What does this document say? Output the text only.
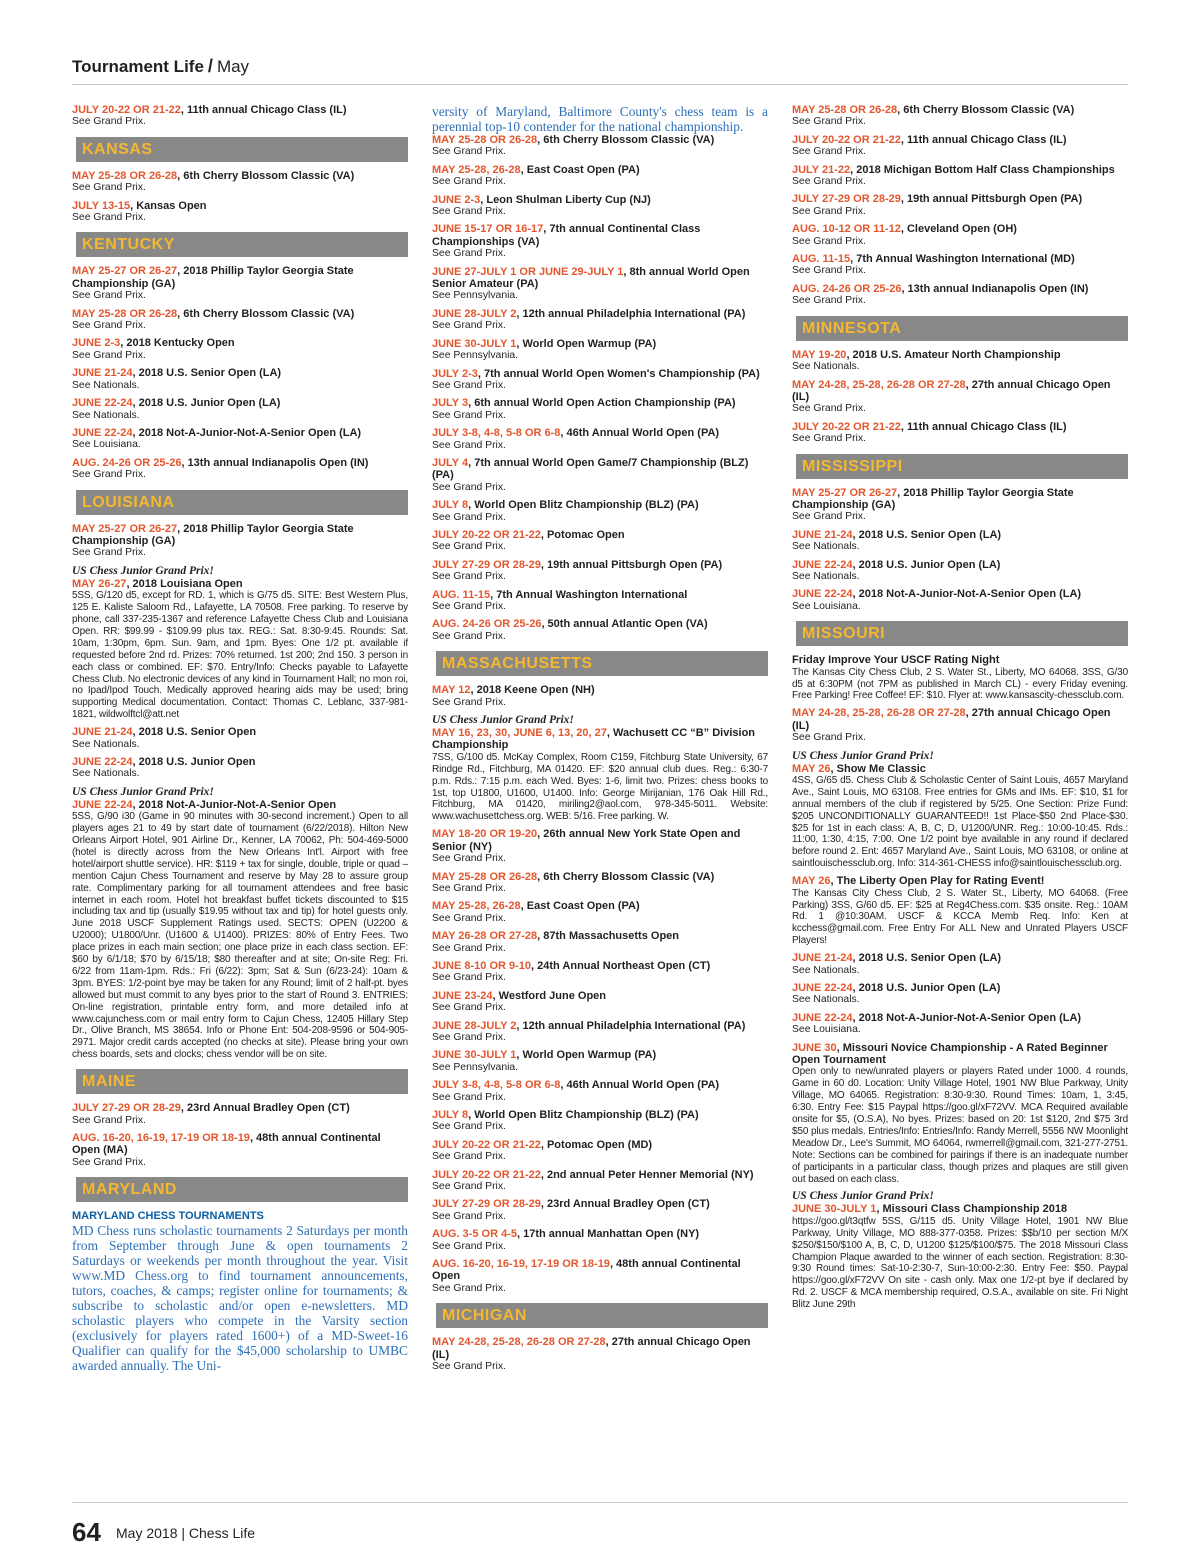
Tournament Life / May
JULY 20-22 OR 21-22, 11th annual Chicago Class (IL)
See Grand Prix.
KANSAS
MAY 25-28 OR 26-28, 6th Cherry Blossom Classic (VA)
See Grand Prix.
JULY 13-15, Kansas Open
See Grand Prix.
KENTUCKY
MAY 25-27 OR 26-27, 2018 Phillip Taylor Georgia State Championship (GA)
See Grand Prix.
MAY 25-28 OR 26-28, 6th Cherry Blossom Classic (VA)
See Grand Prix.
JUNE 2-3, 2018 Kentucky Open
See Grand Prix.
JUNE 21-24, 2018 U.S. Senior Open (LA)
See Nationals.
JUNE 22-24, 2018 U.S. Junior Open (LA)
See Nationals.
JUNE 22-24, 2018 Not-A-Junior-Not-A-Senior Open (LA)
See Louisiana.
AUG. 24-26 OR 25-26, 13th annual Indianapolis Open (IN)
See Grand Prix.
LOUISIANA
MAY 25-27 OR 26-27, 2018 Phillip Taylor Georgia State Championship (GA)
See Grand Prix.
US Chess Junior Grand Prix!
MAY 26-27, 2018 Louisiana Open
5SS, G/120 d5, except for RD. 1, which is G/75 d5. SITE: Best Western Plus, 125 E. Kaliste Saloom Rd., Lafayette, LA 70508. Free parking. To reserve by phone, call 337-235-1367 and reference Lafayette Chess Club and Louisiana Open. RR: $99.99 - $109.99 plus tax. REG.: Sat. 8:30-9:45. Rounds: Sat. 10am, 1:30pm, 6pm. Sun. 9am, and 1pm. Byes: One 1/2 pt. available if requested before 2nd rd. Prizes: 70% returned. 1st 200; 2nd 150. 3 person in each class or combined. EF: $70. Entry/Info: Checks payable to Lafayette Chess Club. No electronic devices of any kind in Tournament Hall; no mon roi, no Ipad/Ipod Touch. Medically approved hearing aids may be used; bring supporting Medical documentation. Contact: Thomas C. Leblanc, 337-981-1821, wildwolftcl@att.net
JUNE 21-24, 2018 U.S. Senior Open
See Nationals.
JUNE 22-24, 2018 U.S. Junior Open
See Nationals.
US Chess Junior Grand Prix!
JUNE 22-24, 2018 Not-A-Junior-Not-A-Senior Open
5SS, G/90 i30 (Game in 90 minutes with 30-second increment.) Open to all players ages 21 to 49 by start date of tournament (6/22/2018). Hilton New Orleans Airport Hotel, 901 Airline Dr., Kenner, LA 70062, Ph: 504-469-5000 (hotel is directly across from the New Orleans Int'l. Airport with free hotel/airport shuttle service). HR: $119 + tax for single, double, triple or quad – mention Cajun Chess Tournament and reserve by May 28 to assure group rate. Complimentary parking for all tournament attendees and free basic internet in each room. Hotel hot breakfast buffet tickets discounted to $15 including tax and tip (usually $19.95 without tax and tip) for hotel guests only. June 2018 USCF Supplement Ratings used. SECTS: OPEN (U2200 & U2000); U1800/Unr. (U1600 & U1400). PRIZES: 80% of Entry Fees. Two place prizes in each main section; one place prize in each class section. EF: $60 by 6/1/18; $70 by 6/15/18; $80 thereafter and at site; On-site Reg: Fri. 6/22 from 11am-1pm. Rds.: Fri (6/22): 3pm; Sat & Sun (6/23-24): 10am & 3pm. BYES: 1/2-point bye may be taken for any Round; limit of 2 half-pt. byes allowed but must commit to any byes prior to the start of Round 3. ENTRIES: On-line registration, printable entry form, and more detailed info at www.cajunchess.com or mail entry form to Cajun Chess, 12405 Hillary Step Dr., Olive Branch, MS 38654. Info or Phone Ent: 504-208-9596 or 504-905-2971. Major credit cards accepted (no checks at site). Please bring your own chess boards, sets and clocks; chess vendor will be on site.
MAINE
JULY 27-29 OR 28-29, 23rd Annual Bradley Open (CT)
See Grand Prix.
AUG. 16-20, 16-19, 17-19 OR 18-19, 48th annual Continental Open (MA)
See Grand Prix.
MARYLAND
MARYLAND CHESS TOURNAMENTS
MD Chess runs scholastic tournaments 2 Saturdays per month from September through June & open tournaments 2 Saturdays or weekends per month throughout the year. Visit www.MD Chess.org to find tournament announcements, tutors, coaches, & camps; register online for tournaments; & subscribe to scholastic and/or open e-newsletters. MD scholastic players who compete in the Varsity section (exclusively for players rated 1600+) of a MD-Sweet-16 Qualifier can qualify for the $45,000 scholarship to UMBC awarded annually. The Uni-
versity of Maryland, Baltimore County's chess team is a perennial top-10 contender for the national championship.
MAY 25-28 OR 26-28, 6th Cherry Blossom Classic (VA)
See Grand Prix.
MAY 25-28, 26-28, East Coast Open (PA)
See Grand Prix.
JUNE 2-3, Leon Shulman Liberty Cup (NJ)
See Grand Prix.
JUNE 15-17 OR 16-17, 7th annual Continental Class Championships (VA)
See Grand Prix.
JUNE 27-JULY 1 OR JUNE 29-JULY 1, 8th annual World Open Senior Amateur (PA)
See Pennsylvania.
JUNE 28-JULY 2, 12th annual Philadelphia International (PA)
See Grand Prix.
JUNE 30-JULY 1, World Open Warmup (PA)
See Pennsylvania.
JULY 2-3, 7th annual World Open Women's Championship (PA)
See Grand Prix.
JULY 3, 6th annual World Open Action Championship (PA)
See Grand Prix.
JULY 3-8, 4-8, 5-8 OR 6-8, 46th Annual World Open (PA)
See Grand Prix.
JULY 4, 7th annual World Open Game/7 Championship (BLZ) (PA)
See Grand Prix.
JULY 8, World Open Blitz Championship (BLZ) (PA)
See Grand Prix.
JULY 20-22 OR 21-22, Potomac Open
See Grand Prix.
JULY 27-29 OR 28-29, 19th annual Pittsburgh Open (PA)
See Grand Prix.
AUG. 11-15, 7th Annual Washington International
See Grand Prix.
AUG. 24-26 OR 25-26, 50th annual Atlantic Open (VA)
See Grand Prix.
MASSACHUSETTS
MAY 12, 2018 Keene Open (NH)
See Grand Prix.
US Chess Junior Grand Prix!
MAY 16, 23, 30, JUNE 6, 13, 20, 27, Wachusett CC “B” Division Championship
7SS, G/100 d5. McKay Complex, Room C159, Fitchburg State University, 67 Rindge Rd., Fitchburg, MA 01420. EF: $20 annual club dues. Reg.: 6:30-7 p.m. Rds.: 7:15 p.m. each Wed. Byes: 1-6, limit two. Prizes: chess books to 1st, top U1800, U1600, U1400. Info: George Mirijanian, 176 Oak Hill Rd., Fitchburg, MA 01420, miriling2@aol.com, 978-345-5011. Website: www.wachusettchess.org. WEB: 5/16. Free parking. W.
MAY 18-20 OR 19-20, 26th annual New York State Open and Senior (NY)
See Grand Prix.
MAY 25-28 OR 26-28, 6th Cherry Blossom Classic (VA)
See Grand Prix.
MAY 25-28, 26-28, East Coast Open (PA)
See Grand Prix.
MAY 26-28 OR 27-28, 87th Massachusetts Open
See Grand Prix.
JUNE 8-10 OR 9-10, 24th Annual Northeast Open (CT)
See Grand Prix.
JUNE 23-24, Westford June Open
See Grand Prix.
JUNE 28-JULY 2, 12th annual Philadelphia International (PA)
See Grand Prix.
JUNE 30-JULY 1, World Open Warmup (PA)
See Pennsylvania.
JULY 3-8, 4-8, 5-8 OR 6-8, 46th Annual World Open (PA)
See Grand Prix.
JULY 8, World Open Blitz Championship (BLZ) (PA)
See Grand Prix.
JULY 20-22 OR 21-22, Potomac Open (MD)
See Grand Prix.
JULY 20-22 OR 21-22, 2nd annual Peter Henner Memorial (NY)
See Grand Prix.
JULY 27-29 OR 28-29, 23rd Annual Bradley Open (CT)
See Grand Prix.
AUG. 3-5 OR 4-5, 17th annual Manhattan Open (NY)
See Grand Prix.
AUG. 16-20, 16-19, 17-19 OR 18-19, 48th annual Continental Open
See Grand Prix.
MICHIGAN
MAY 24-28, 25-28, 26-28 OR 27-28, 27th annual Chicago Open (IL)
See Grand Prix.
MAY 25-28 OR 26-28, 6th Cherry Blossom Classic (VA)
See Grand Prix.
JULY 20-22 OR 21-22, 11th annual Chicago Class (IL)
See Grand Prix.
JULY 21-22, 2018 Michigan Bottom Half Class Championships
See Grand Prix.
JULY 27-29 OR 28-29, 19th annual Pittsburgh Open (PA)
See Grand Prix.
AUG. 10-12 OR 11-12, Cleveland Open (OH)
See Grand Prix.
AUG. 11-15, 7th Annual Washington International (MD)
See Grand Prix.
AUG. 24-26 OR 25-26, 13th annual Indianapolis Open (IN)
See Grand Prix.
MINNESOTA
MAY 19-20, 2018 U.S. Amateur North Championship
See Nationals.
MAY 24-28, 25-28, 26-28 OR 27-28, 27th annual Chicago Open (IL)
See Grand Prix.
JULY 20-22 OR 21-22, 11th annual Chicago Class (IL)
See Grand Prix.
MISSISSIPPI
MAY 25-27 OR 26-27, 2018 Phillip Taylor Georgia State Championship (GA)
See Grand Prix.
JUNE 21-24, 2018 U.S. Senior Open (LA)
See Nationals.
JUNE 22-24, 2018 U.S. Junior Open (LA)
See Nationals.
JUNE 22-24, 2018 Not-A-Junior-Not-A-Senior Open (LA)
See Louisiana.
MISSOURI
Friday Improve Your USCF Rating Night
The Kansas City Chess Club, 2 S. Water St., Liberty, MO 64068. 3SS, G/30 d5 at 6:30PM (not 7PM as published in March CL) - every Friday evening. Free Parking! Free Coffee! EF: $10. Flyer at: www.kansascity-chessclub.com.
MAY 24-28, 25-28, 26-28 OR 27-28, 27th annual Chicago Open (IL)
See Grand Prix.
US Chess Junior Grand Prix!
MAY 26, Show Me Classic
4SS, G/65 d5. Chess Club & Scholastic Center of Saint Louis, 4657 Maryland Ave., Saint Louis, MO 63108. Free entries for GMs and IMs. EF: $10, $1 for annual members of the club if registered by 5/25. One Section: Prize Fund: $205 UNCONDITIONALLY GUARANTEED!! 1st Place-$50 2nd Place-$30. $25 for 1st in each class: A, B, C, D, U1200/UNR. Reg.: 10:00-10:45. Rds.: 11:00, 1:30, 4:15, 7:00. One 1/2 point bye available in any round if declared before round 2. Ent: 4657 Maryland Ave., Saint Louis, MO 63108, or online at saintlouischessclub.org. Info: 314-361-CHESS info@saintlouischessclub.org.
MAY 26, The Liberty Open Play for Rating Event!
The Kansas City Chess Club, 2 S. Water St., Liberty, MO 64068. (Free Parking) 3SS, G/60 d5. EF: $25 at Reg4Chess.com. $35 onsite. Reg.: 10AM Rd. 1 @10:30AM. USCF & KCCA Memb Req. Info: Ken at kcchess@gmail.com. Free Entry For ALL New and Unrated Players USCF Players!
JUNE 21-24, 2018 U.S. Senior Open (LA)
See Nationals.
JUNE 22-24, 2018 U.S. Junior Open (LA)
See Nationals.
JUNE 22-24, 2018 Not-A-Junior-Not-A-Senior Open (LA)
See Louisiana.
JUNE 30, Missouri Novice Championship - A Rated Beginner Open Tournament
Open only to new/unrated players or players Rated under 1000. 4 rounds, Game in 60 d0. Location: Unity Village Hotel, 1901 NW Blue Parkway, Unity Village, MO 64065. Registration: 8:30-9:30. Round Times: 10am, 1, 3:45, 6:30. Entry Fee: $15 Paypal https://goo.gl/xF72VV. MCA Required available onsite for $5, (O.S.A), No byes. Prizes: based on 20: 1st $120, 2nd $75 3rd $50 plus medals. Entries/Info: Entries/Info: Randy Merrell, 5556 NW Moonlight Meadow Dr., Lee's Summit, MO 64064, rwmerrell@gmail.com, 321-277-2751. Note: Sections can be combined for pairings if there is an inadequate number of participants in a particular class, though prizes and plaques are still given out based on each class.
US Chess Junior Grand Prix!
JUNE 30-JULY 1, Missouri Class Championship 2018
https://goo.gl/t3qtfw 5SS, G/115 d5. Unity Village Hotel, 1901 NW Blue Parkway, Unity Village, MO 888-377-0358. Prizes: $$b/10 per section M/X $250/$150/$100 A, B, C, D, U1200 $125/$100/$75. The 2018 Missouri Class Champion Plaque awarded to the winner of each section. Registration: 8:30-9:30 Round times: Sat-10-2:30-7, Sun-10:00-2:30. Entry Fee: $50. Paypal https://goo.gl/xF72VV On site - cash only. Max one 1/2-pt bye if declared by Rd. 2. USCF & MCA membership required, O.S.A., available on site. Fri Night Blitz June 29th
64 May 2018 | Chess Life
